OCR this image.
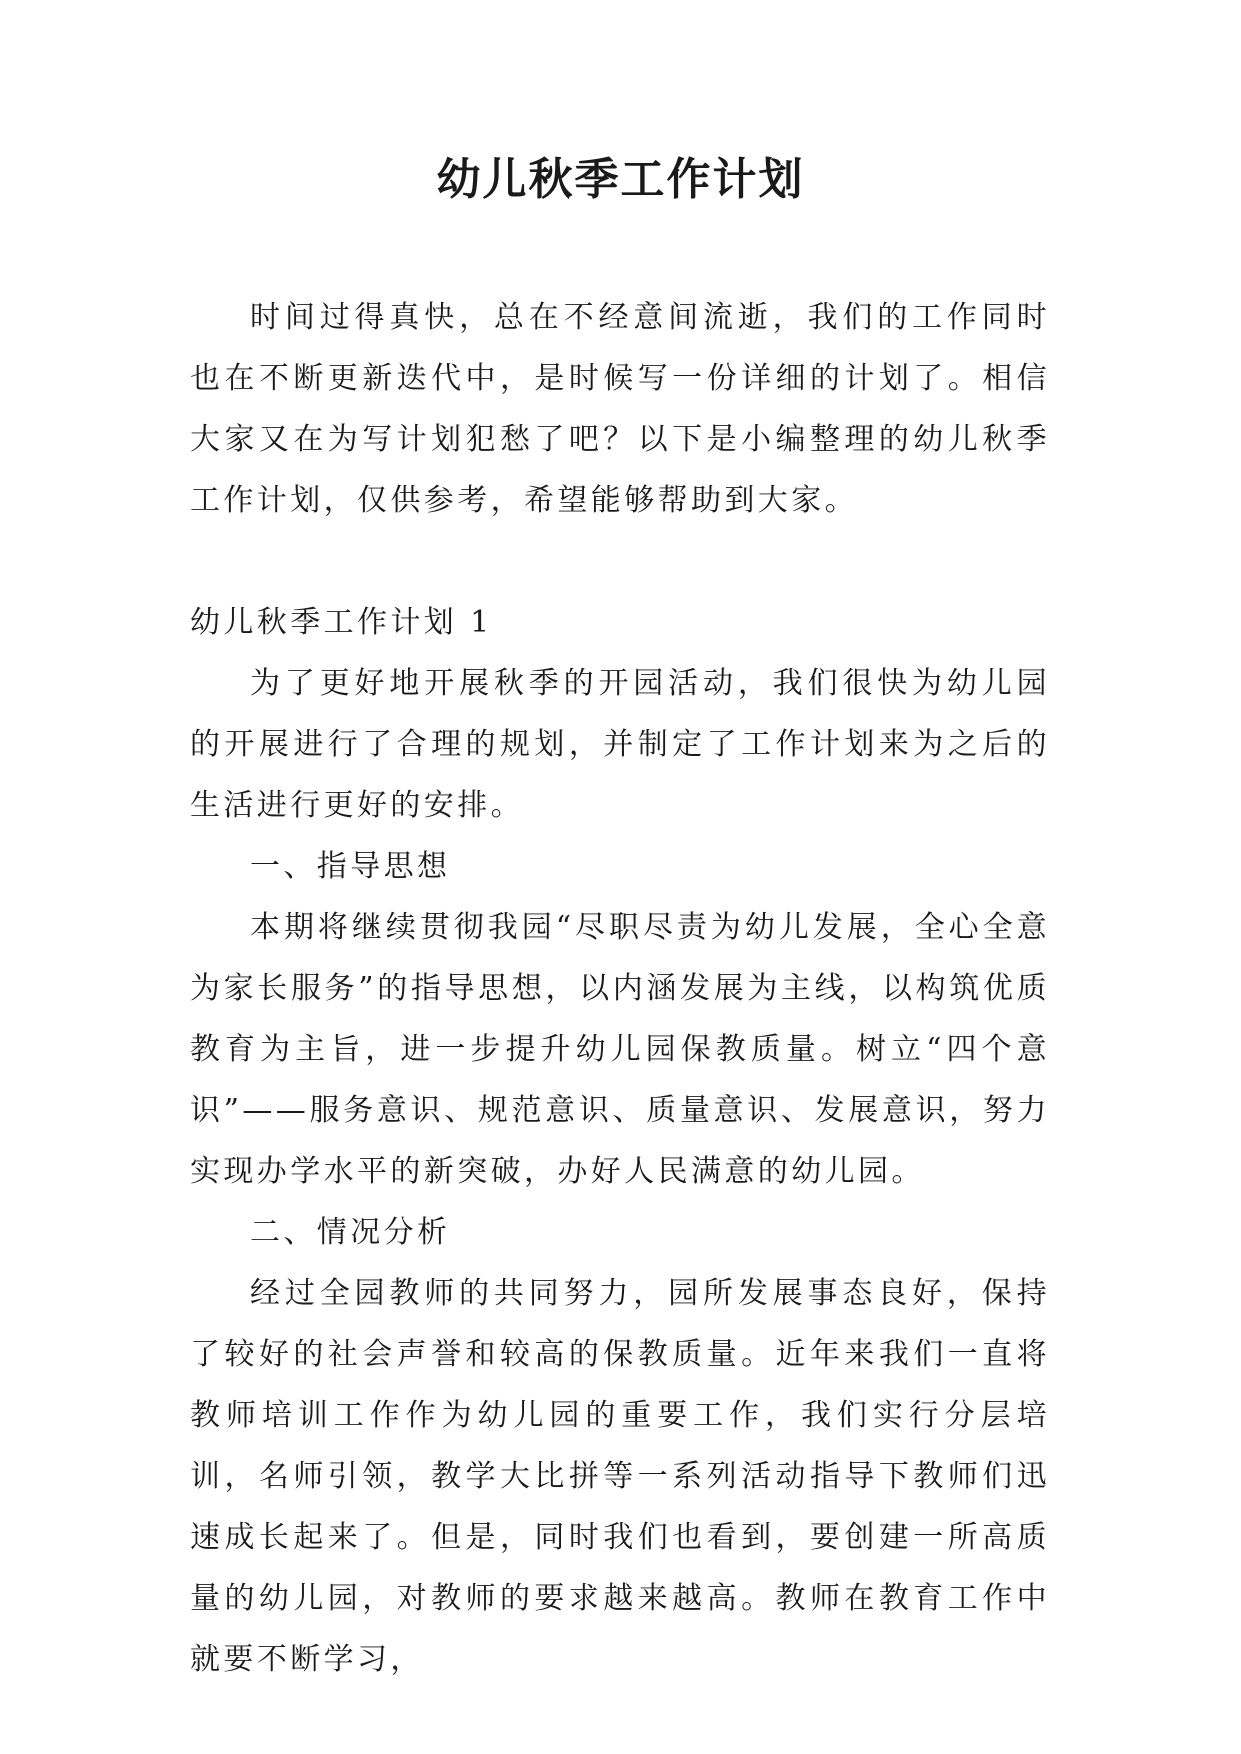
幼儿秋季工作计划

时间过得真快，总在不经意间流逝，我们的工作同时也在不断更新迭代中，是时候写一份详细的计划了。相信大家又在为写计划犯愁了吧？以下是小编整理的幼儿秋季工作计划，仅供参考，希望能够帮助到大家。

幼儿秋季工作计划 1

为了更好地开展秋季的开园活动，我们很快为幼儿园的开展进行了合理的规划，并制定了工作计划来为之后的生活进行更好的安排。

一、指导思想

本期将继续贯彻我园“尽职尽责为幼儿发展，全心全意为家长服务”的指导思想，以内涵发展为主线，以构筑优质教育为主旨，进一步提升幼儿园保教质量。树立“四个意识”——服务意识、规范意识、质量意识、发展意识，努力实现办学水平的新突破，办好人民满意的幼儿园。

二、情况分析

经过全园教师的共同努力，园所发展事态良好，保持了较好的社会声誉和较高的保教质量。近年来我们一直将教师培训工作作为幼儿园的重要工作，我们实行分层培训，名师引领，教学大比拼等一系列活动指导下教师们迅速成长起来了。但是，同时我们也看到，要创建一所高质量的幼儿园，对教师的要求越来越高。教师在教育工作中就要不断学习，
